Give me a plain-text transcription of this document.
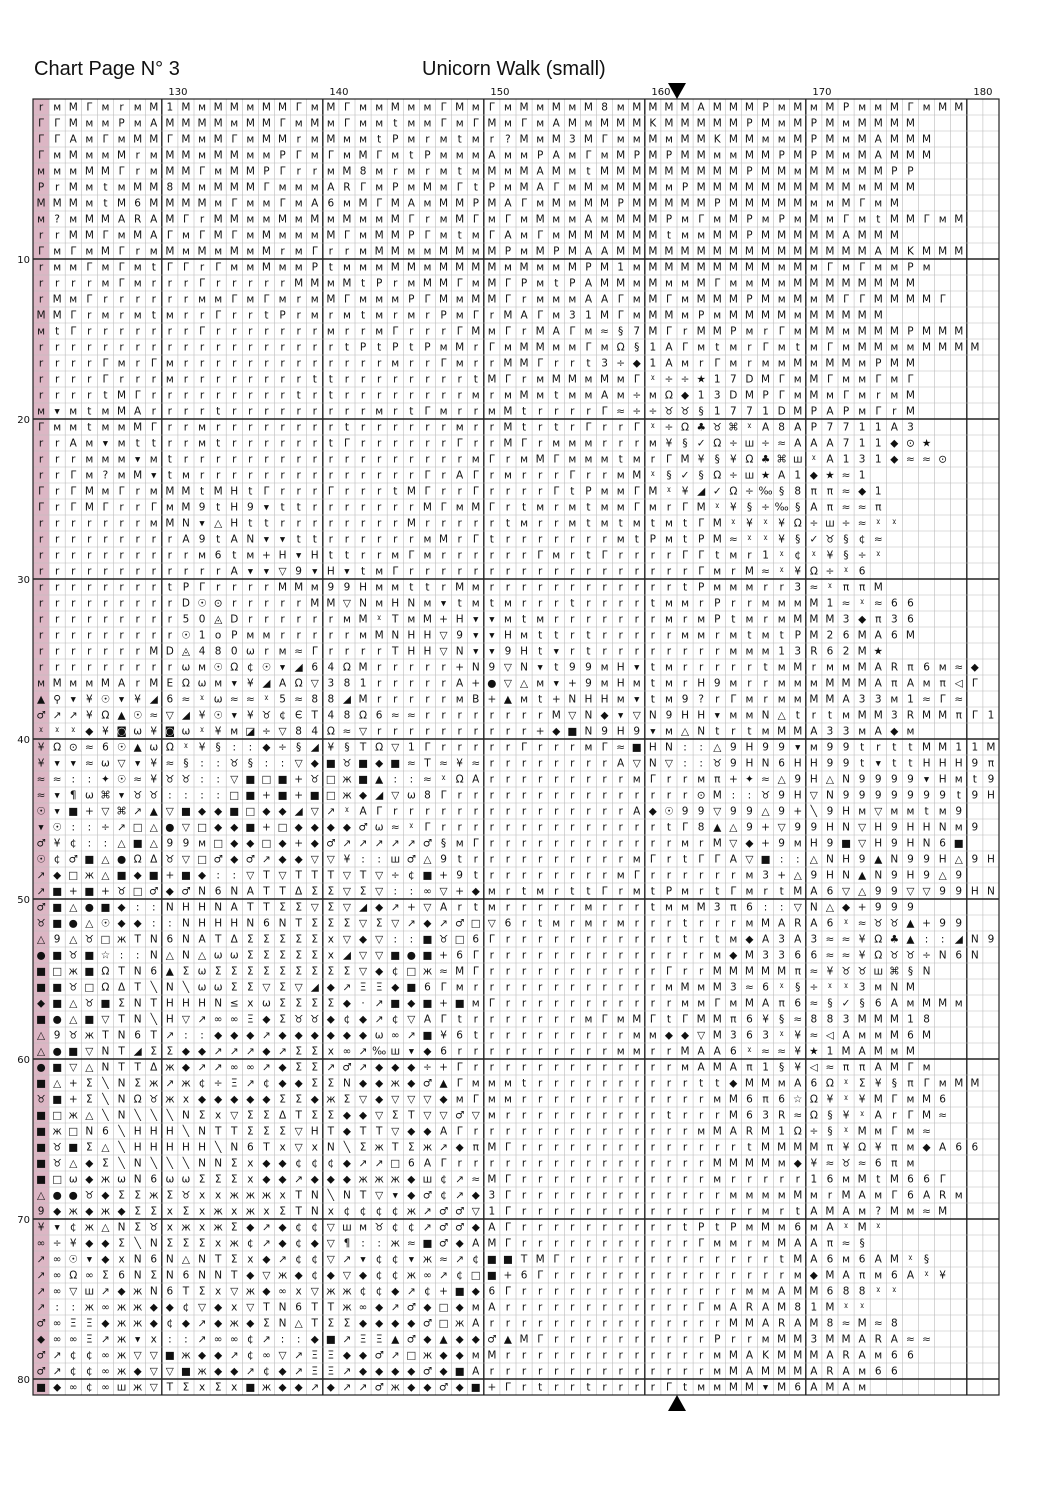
Chart Page N° 3	Unicorn Walk (small)
r ᴍ M Γ ᴍ r ᴍ M 1 M ᴍ M M ᴍ M M Γ ᴍ M Γ ᴍ ᴍ M ᴍ ᴍ Γ M ᴍ Γ ᴍ M ᴍ M ᴍ M 8 ᴍ M M M M A M M M P ᴍ M ᴍ M P ᴍ ᴍ M Γ ᴍ M M
Γ Γ M ᴍ ᴍ P ᴍ A M M M M ᴍ M M Γ ᴍ M ᴍ Γ ᴍ ᴍ t ᴍ ᴍ Γ ᴍ Γ M ᴍ Γ ᴍ A M ᴍ M M M K M M M M M P M ᴍ M P M ᴍ M M M M
Γ Γ A ᴍ Γ ᴍ M M Γ M ᴍ M Γ ᴍ M M r ᴍ M ᴍ ᴍ t P ᴍ r ᴍ t ᴍ r ? M ᴍ M 3 M Γ ᴍ ᴍ M ᴍ M M K M M ᴍ ᴍ M P M ᴍ M A M M M
Γ ᴍ M ᴍ ᴍ M r ᴍ M M ᴍ M M ᴍ ᴍ P Γ ᴍ Γ ᴍ M Γ ᴍ t P ᴍ ᴍ ᴍ A ᴍ ᴍ P A ᴍ Γ ᴍ M P M P M M ᴍ ᴍ M M P M P M ᴍ M A M M M
ᴍ ᴍ ᴍ M M Γ r ᴍ M M Γ ᴍ M M P Γ r r ᴍ M 8 ᴍ r ᴍ r ᴍ t ᴍ M ᴍ M A M ᴍ t M M M M M M M M M P M M ᴍ M M ᴍ M M P P
P r M ᴍ t ᴍ M M 8 M ᴍ M M M Γ ᴍ ᴍ ᴍ A R Γ ᴍ P ᴍ M ᴍ Γ t P ᴍ M A Γ ᴍ M ᴍ M M M ᴍ P M M M M M M M M M M ᴍ M M M
M M M ᴍ t M 6 M M M M ᴍ Γ ᴍ ᴍ Γ ᴍ A 6 ᴍ M Γ M A ᴍ M M P M A Γ ᴍ M ᴍ M M P M M M M M P M M M M M ᴍ ᴍ M Γ ᴍ M
ᴍ ? ᴍ M M A R A M Γ r M M ᴍ ᴍ M ᴍ M ᴍ M ᴍ ᴍ M Γ r ᴍ M Γ ᴍ Γ ᴍ M ᴍ ᴍ A ᴍ M M M P ᴍ Γ ᴍ M P ᴍ P ᴍ M ᴍ Γ ᴍ t M M Γ ᴍ M
r r M M Γ ᴍ M A Γ ᴍ Γ M Γ ᴍ M ᴍ ᴍ ᴍ M Γ ᴍ M M P Γ ᴍ t ᴍ Γ A ᴍ Γ ᴍ M M M M M M t ᴍ ᴍ M M P M M M M M A M M M
Γ ᴍ Γ ᴍ M Γ r ᴍ M ᴍ M ᴍ M ᴍ M r ᴍ Γ r r ᴍ M M ᴍ ᴍ M M ᴍ M P ᴍ M P M A A M M M M M M M M M M M M M M M M A M K M M M
r ᴍ ᴍ Γ ᴍ Γ ᴍ t Γ Γ r Γ ᴍ ᴍ M ᴍ ᴍ P t ᴍ ᴍ ᴍ M M ᴍ M M M M ᴍ M ᴍ ᴍ M P M 1 ᴍ M M M M M M M M ᴍ M ᴍ Γ ᴍ Γ ᴍ ᴍ P ᴍ
r r r r ᴍ Γ ᴍ r r r Γ r r r r r M M ᴍ M t P r ᴍ M M Γ ᴍ M Γ P ᴍ t P A M M ᴍ M ᴍ ᴍ M Γ ᴍ ᴍ M ᴍ M M M M M M M M
r M ᴍ Γ r r r r r r ᴍ ᴍ Γ ᴍ Γ ᴍ r ᴍ M Γ ᴍ ᴍ ᴍ P Γ M ᴍ M M Γ r ᴍ ᴍ ᴍ A A Γ ᴍ M Γ ᴍ M M M P M ᴍ M ᴍ M Γ Γ M M M M Γ
M M Γ r ᴍ r ᴍ t ᴍ r r Γ r r t P r ᴍ r ᴍ t ᴍ r ᴍ r P ᴍ Γ r M A Γ ᴍ 3 1 M Γ ᴍ M M ᴍ P ᴍ M M M M ᴍ M M M M M
ᴍ t Γ r r r r r r r Γ r r r r r r r ᴍ r r ᴍ Γ r r r Γ M ᴍ Γ r M A Γ ᴍ ≈ § 7 M Γ r M M P ᴍ r Γ ᴍ M M ᴍ M M M P M M M
r r r r r r r r r r r r r r r r r r r t P t P t P ᴍ M r Γ ᴍ M M ᴍ ᴍ Γ ᴍ Ω § 1 A Γ ᴍ t ᴍ r Γ ᴍ t ᴍ Γ ᴍ M M ᴍ ᴍ M M M M
r r r r Γ ᴍ r Γ ᴍ r r r r r r r r r r r r r ᴍ r r Γ ᴍ r r M M Γ r r t 3 ÷ ◆ 1 A ᴍ r Γ ᴍ r ᴍ ᴍ M ᴍ M M ᴍ P M M
r r r r Γ r r r ᴍ r r r r r r r r t t r r r r r r r r t M Γ r ᴍ M M ᴍ M ᴍ Γ ᵡ ÷ ÷ ★ 1 7 D M Γ ᴍ M Γ ᴍ ᴍ Γ ᴍ Γ
r r r r t M Γ r r r r r r r r r t r t r r r r r r r r ᴍ r ᴍ M ᴍ t ᴍ ᴍ A ᴍ ÷ ᴍ Ω ◆ 1 3 D M P Γ ᴍ M ᴍ Γ ᴍ r ᴍ M
ᴍ ▾ ᴍ t ᴍ M A r r r r t r r r r r r r r r ᴍ r t Γ ᴍ r r ᴍ M t r r r r Γ ≈ ÷ ÷ ♉ ♉ § 1 7 7 1 D M P A P ᴍ Γ r M
Γ ᴍ ᴍ t ᴍ ᴍ M Γ r r ᴍ r r r r r r r r t r r r r r r ᴍ r r M t r t r Γ r r Γ ᵡ ÷ Ω ♣ ♉ ⌘ ᵡ A 8 A P 7 7 1 1 A 3
r r A ᴍ ▾ ᴍ t t r r ᴍ t r r r r r r t Γ r r r r r r Γ r r M Γ r ᴍ ᴍ ᴍ r r r ᴍ ¥ § ✓ Ω ÷ ш ÷ ≈ A A A 7 1 1 ◆ ⊙ ★
r r r ᴍ ᴍ ᴍ ▾ ᴍ t r r r r r r r r r r r r r r r r r r ᴍ Γ r ᴍ M Γ ᴍ ᴍ ᴍ t ᴍ r Γ M ¥ § ¥ Ω ♣ ⌘ ш ᵡ A 1 3 1 ◆ ≈ ≈ ⊙
r r Γ ᴍ ? ᴍ M ▾ t ᴍ r r r r r r r r r r r r r r Γ r A Γ r ᴍ r r r Γ r r ᴍ M ᵡ § ✓ § Ω ÷ ш ★ A 1 ◆ ★ ≈ 1
Γ r Γ M ᴍ Γ r ᴍ M M t M H t Γ r r r Γ r r r t M Γ r r Γ r r r r Γ t P ᴍ ᴍ Γ M ᵡ ¥ ◢ ✓ Ω ÷ ‰ § 8 π π ≈ ◆ 1
Γ r Γ M Γ r r Γ ᴍ M 9 t H 9 ▾ t t r r r r r r r M Γ ᴍ M Γ r t ᴍ r ᴍ t ᴍ ᴍ Γ ᴍ r Γ M ᵡ ¥ § ÷ ‰ § A π ≈ ≈ π
r r r r r r r ᴍ M N ▾ △ H t t r r r r r r r r M r r r r r t ᴍ r r ᴍ t ᴍ t ᴍ t ᴍ t Γ M ᵡ ¥ ᵡ ¥ Ω ÷ ш ÷ ≈ ᵡ ᵡ
r r r r r r r r r A 9 t A N ▾ ▾ t t r r r r r r ᴍ M r Γ t r r r r r r r ᴍ t P ᴍ t P M ≈ ᵡ ᵡ ¥ § ✓ ♉ § ¢ ≈
r r r r r r r r r r ᴍ 6 t ᴍ + H ▾ H t t r r ᴍ Γ ᴍ r r r r r r Γ ᴍ r t Γ r r r r Γ Γ t ᴍ r 1 ᵡ ¢ ᵡ ¥ § ÷ ᵡ
r r r r r r r r r r r r A ▾ ▾ ▽ 9 ▾ H ▾ t ᴍ Γ r r r r r r r r r r r r r r r r r r Γ ᴍ r M ≈ ᵡ ¥ Ω ÷ ᵡ 6
r r r r r r r r t P Γ r r r r M M ᴍ 9 9 H ᴍ ᴍ t t r M ᴍ r r r r r r r r r r r r t P ᴍ ᴍ ᴍ r r 3 ≈ ᵡ π π M
r r r r r r r r r D ☉ ⊙ r r r r r M M ▽ N ᴍ H N ᴍ ▾ t ᴍ t ᴍ r r r t r r r r t ᴍ ᴍ r P r r ᴍ ᴍ ᴍ M 1 ≈ ᵡ ≈ 6 6
r r r r r r r r r 5 0 ◬ D r r r r r r ᴍ M ᵡ T ᴍ M + H ▾ ▾ ᴍ t ᴍ r r r r r r r ᴍ r ᴍ P t ᴍ r ᴍ M M M 3 ◆ π 3 6
r r r r r r r r r ☉ 1 o P ᴍ ᴍ r r r r r ᴍ M N H H ▽ 9 ▾ ▾ H ᴍ t t r t r r r r r ᴍ ᴍ r ᴍ t ᴍ t P M 2 6 M A 6 M
r r r r r r r M D ◬ 4 8 0 ω r ᴍ ≈ Γ r r r r T H H ▽ N ▾ ▾ 9 H t ▾ r t r r r r r r r r ᴍ ᴍ ᴍ 1 3 R 6 2 M ★
r r r r r r r r r ω ᴍ ☉ Ω ¢ ☉ ▾ ◢ 6 4 Ω M r r r r r + N 9 ▽ N ▾ t 9 9 ᴍ H ▾ t ᴍ r r r r r t ᴍ M r ᴍ ᴍ M A R π 6 ᴍ ≈ ◆
ᴍ M ᴍ ᴍ M A r M E Ω ω ᴍ ▾ ¥ ◢ A Ω ▽ 3 8 1 r r r r r A + ● ▽ △ ᴍ ▾ + 9 ᴍ H ᴍ t ᴍ r H 9 ᴍ r r ᴍ ᴍ ᴍ M M M A π A ᴍ π ◁ Γ
▲ ⚲ ▾ ¥ ☉ ▾ ¥ ◢ 6 ≈ ᵡ ω ≈ ≈ ᵡ 5 ≈ 8 8 ◢ M r r r r r ᴍ B + ▲ ᴍ t + N H H ᴍ ▾ t ᴍ 9 ? r Γ ᴍ r ᴍ ᴍ M M A 3 3 ᴍ 1 ≈ Γ ≈
♂ ↗ ↗ ¥ Ω ▲ ☉ ≈ ▽ ◢ ¥ ☉ ▾ ¥ ♉ ¢ Є T 4 8 Ω 6 ≈ ≈ r r r r r r r r M ▽ N ◆ ▾ ▽ N 9 H H ▾ ᴍ ᴍ N △ t r t ᴍ M M 3 R M M π Γ 1
ᵡ ᵡ ᵡ ◆ ¥ ◙ ω ¥ ◙ ω ᵡ ¥ ᴍ ◪ ÷ ▽ 8 4 Ω ≈ ▽ r r r r r r r r r r + ◆ ■ N 9 H 9 ▾ ᴍ △ N t r t ᴍ M M A 3 3 ᴍ A ◆ ᴍ
¥ Ω ⊙ ≈ 6 ☉ ▲ ω Ω ᵡ ¥ § : : ◆ ÷ § ◢ ¥ § T Ω ▽ 1 Γ r r r r r Γ r r r ᴍ Γ ≈ ■ H N : : △ 9 H 9 9 ▾ ᴍ 9 9 t r t t M M 1 1 M
¥ ▾ ▾ ≈ ω ▽ ▾ ¥ ≈ § : : ♉ § : : ▽ ◆ ■ ♉ ■ ◆ ■ ≈ T ≈ ¥ ≈ r r r r r r r r A ▽ N ▽ : : ♉ 9 H N 6 H H 9 9 t ▾ t t H H H 9 π
≈ ≈ : : ✦ ☉ ≈ ¥ ♉ ♉ : : ▽ ■ □ ■ + ♉ □ ж ■ ▲ : : ≈ ᵡ Ω A r r r r r r r r r ᴍ Γ r r ᴍ π + ✦ ≈ △ 9 H △ N 9 9 9 9 ▾ H ᴍ t 9
≈ ▾ ¶ ω ⌘ ▾ ♉ ♉ : : : : □ ■ + ■ + ■ □ ж ◆ ◢ ▽ ω 8 Γ r r r r r r r r r r r r r r r ⊙ M : : ♉ 9 H ▽ N 9 9 9 9 9 9 9 t 9 H
☉ ▾ ■ + ▽ ⌘ ↗ ▲ ▽ ■ ◆ ◆ ■ □ ◆ ◆ ◢ ▽ ↗ ᵡ A Γ r r r r r r r r r r r r r r r A ◆ ☉ 9 9 ▽ 9 9 △ 9 + ╲ 9 H ᴍ ▽ ᴍ ᴍ t ᴍ 9
▾ ☉ : : ÷ ↗ □ △ ● ▽ □ ◆ ◆ ■ + □ ◆ ◆ ◆ ◆ ♂ ω ≈ ᵡ Γ r r r r r r r r r r r r r r t Γ 8 ▲ △ 9 + ▽ 9 9 H N ▽ H 9 H H N ᴍ 9
♂ ¥ ¢ : : △ ■ △ 9 9 ᴍ □ ◆ ◆ □ ◆ + ◆ ♂ ↗ ↗ ↗ ↗ ↗ ♂ § ᴍ Γ r r r r r r r r r r r r ᴍ r M ▽ ◆ + 9 ᴍ H 9 ■ ▽ H 9 H N 6 ■
☉ ¢ ♂ ■ △ ● Ω Δ ♉ ▽ □ ♂ ◆ ♂ ↗ ◆ ◆ ▽ ▽ ¥ : : ш ♂ △ 9 t r r r r r r r r r r ᴍ Γ r t Γ Γ A ▽ ■ : : △ N H 9 ▲ N 9 9 H △ 9 H
↗ ◆ □ ж △ ■ ◆ ■ + ■ ◆ : : ▽ T ▽ T T T ▽ T ▽ ÷ ¢ ■ + 9 t r r r r r r r r ᴍ Γ r r r r r r ᴍ 3 + △ 9 H N ▲ N 9 H 9 △ 9
↗ ■ + ■ + ♉ □ ♂ ◆ ♂ N 6 N A T T Δ Σ Σ ▽ Σ ▽ : : ∞ ▽ + ◆ ᴍ r t ᴍ r t t Γ r ᴍ t P ᴍ r t Γ ᴍ r t M A 6 ▽ △ 9 9 ▽ ▽ 9 9 H N
♂ ■ △ ● ■ ◆ : : N H H N A T T Σ Σ ▽ Σ ▽ ◢ ◆ ↗ + ▽ A r t ᴍ r r r r r ᴍ r r r t ᴍ ᴍ M 3 π 6 : : ▽ N △ ◆ + 9 9 9
♉ ■ ● △ ☉ ◆ ◆ : : N H H H N 6 N T Σ Σ Σ ▽ Σ ▽ ↗ ◆ ↗ ♂ □ ▽ 6 r t ᴍ r ᴍ r ᴍ r r r t r r r ᴍ M A R A 6 ᵡ ≈ ♉ ♉ ▲ + 9 9
△ 9 △ ♉ □ ж T N 6 N A T Δ Σ Σ Σ Σ Σ x ▽ ◆ ▽ : : ■ ♉ □ 6 Γ r r r r r r r r r r r t r t ᴍ ◆ A 3 A 3 ≈ ≈ ¥ Ω ♣ ▲ : : ◢ N 9
● ■ ♉ ■ ☆ : : N △ N △ ω ω Σ Σ Σ Σ Σ x ◢ ▽ ▽ ■ ● ■ + 6 Γ r r r r r r r r r r r r r r ᴍ ◆ M 3 3 6 6 ≈ ≈ ¥ Ω ♉ ♉ ÷ N 6 N
■ □ ж ■ Ω T N 6 ▲ Σ ω Σ Σ Σ Σ Σ Σ Σ Σ Σ ▽ ◆ ¢ □ ж ≈ M Γ r r r r r r r r r r r Γ r r M M M M M π ≈ ¥ ♉ ♉ ш ⌘ § N
■ ■ ♉ □ Ω Δ T ╲ N ╲ ω ω Σ Σ ▽ Σ ▽ ◢ ◆ ↗ Ξ Ξ ◆ ■ 6 Γ ᴍ r r r r r r r r r r r r ᴍ M ᴍ M 3 ≈ 6 ᵡ § ÷ ᵡ ᵡ 3 ᴍ N M
◆ ■ △ ♉ ■ Σ N T H H H N ≤ x ω Σ Σ Σ Σ ◆ · ↗ ■ ◆ ■ + ■ ᴍ Γ r r r r r r r r r r r ᴍ ᴍ Γ ᴍ M A π 6 ≈ § ✓ § 6 A ᴍ M M ᴍ
■ ● △ ■ ▽ T N ╲ H ▽ ↗ ∞ ∞ Ξ ◆ Σ ♉ ♉ ◆ ¢ ◆ ↗ ¢ ▽ A Γ t r r r r r r r ᴍ Γ ᴍ M Γ t Γ M M π 6 ¥ § ≈ 8 8 3 M M M 1 8
△ 9 ♉ ж T N 6 T ↗ : : ◆ ◆ ◆ ↗ ◆ ◆ ◆ ◆ ◆ ◆ ω ∞ ↗ ■ ¥ 6 t r r r r r r r r r ᴍ ᴍ ◆ ◆ ▽ M 3 6 3 ᵡ ¥ ≈ ◁ A ᴍ ᴍ M 6 M
△ ● ■ ▽ N T ◢ Σ Σ ◆ ◆ ↗ ↗ ↗ ◆ ↗ Σ Σ x ∞ ↗ ‰ ш ▾ ◆ 6 r r r r r r r r r r ᴍ ᴍ r r M A A 6 ᵡ ≈ ≈ ¥ ★ 1 M A M ᴍ M
● ■ ▽ △ N T T Δ ж ◆ ↗ ↗ ∞ ∞ ↗ ◆ Σ Σ ↗ ♂ ↗ ◆ ◆ ◆ ÷ + Γ r r r r r r r r r r r r r ᴍ A M A π 1 § ¥ ◁ ≈ π π A M Γ ᴍ
■ △ + Σ ╲ N Σ ж ↗ ж ¢ ÷ Ξ ↗ ¢ ◆ ◆ Σ Σ N ◆ ◆ ж ◆ ♂ ▲ Γ ᴍ ᴍ ᴍ t r r r r r r r r r r t t ◆ M M ᴍ A 6 Ω ᵡ Σ ¥ § π Γ ᴍ M M
♉ ■ + Σ ╲ N Ω ♉ ж x ◆ ◆ ◆ ◆ ◆ Σ Σ ◆ ж Σ ▽ ◆ ▽ ▽ ▽ ◆ ᴍ Γ ᴍ ᴍ r r r r r r r r r r r r ᴍ M 6 π 6 ☆ Ω ¥ ᵡ ¥ M Γ ᴍ M 6
■ □ ж △ ╲ N ╲ ╲ ╲ N Σ x ▽ Σ Σ Δ T Σ Σ ◆ ◆ ▽ Σ T ▽ ▽ ♂ ▽ ᴍ r r r r r r r r r r t r r r M 6 3 R ≈ Ω § ¥ ᵡ A r Γ M ≈
■ ж □ N 6 ╲ H H H ╲ N T T Σ Σ Σ ▽ H T ◆ T T ▽ ◆ ◆ A Γ r r r r r r r r r r r r r r ᴍ M A R M 1 Ω ÷ § ᵡ M ᴍ Γ ᴍ ≈
■ ♉ ■ Σ △ ╲ H H H H H ╲ N 6 T x ▽ x N ╲ Σ ж T Σ ж ↗ ◆ π M Γ r r r r r r r r r r r r r r t M M M M π ¥ Ω ¥ π ᴍ ◆ A 6 6
■ ♉ △ ◆ Σ ╲ N ╲ ╲ ╲ N N Σ x ◆ ◆ ¢ ¢ ¢ ◆ ↗ ↗ □ 6 A Γ r r r r r r r r r r r r r r r r M M M M ᴍ ◆ ¥ ≈ ♉ ≈ 6 π ᴍ
■ □ ω ◆ ж ω N 6 ω ω Σ Σ Σ x ◆ ◆ ↗ ◆ ◆ ◆ ж ж ж ◆ ш ¢ ↗ ≈ M Γ r r r r r r r r r r r r ᴍ r r r r r 1 6 ᴍ M t M 6 6 Γ
△ ● ● ♉ ◆ Σ Σ ж Σ ♉ x x ж ж ж x T N ╲ N T ▽ ▾ ◆ ♂ ¢ ↗ ◆ 3 Γ r r r r r r r r r r r r r ᴍ ᴍ ᴍ ᴍ M ᴍ r M A ᴍ Γ 6 A R ᴍ
9 ◆ ж ◆ ж ◆ Σ Σ x Σ x ж x ж x Σ T N x ¢ ¢ ¢ ¢ ж ↗ ♂ ♂ ▽ 1 Γ r r r r r r r r r r r r r r r ᴍ r t A M A ᴍ ? M ᴍ ≈ M
¥ ▾ ¢ ж △ N Σ ♉ x ж x ж Σ ◆ ↗ ◆ ¢ ¢ ▽ ш ᴍ ♉ ¢ ¢ ↗ ♂ ♂ ◆ A Γ r r r r r r r r r r t P t P ᴍ M ᴍ 6 ᴍ A ᵡ M ᵡ
∞ ÷ ¥ ◆ ◆ Σ ╲ N Σ Σ Σ x ж ¢ ↗ ◆ ¢ ◆ ▽ ¶ : : ж ≈ ■ ♂ ◆ A M Γ r r r r r r r r r r r Γ ᴍ ᴍ r ᴍ M A A π ≈ §
↗ ∞ ☉ ▾ ◆ x N 6 N △ N T Σ x ◆ ↗ ¢ ¢ ▽ ↗ ▾ ¢ ¢ ▾ ж ≈ ↗ ¢ ■ ■ T M Γ r r r r r r r r r r r r r t M A 6 ᴍ 6 A M ᵡ §
↗ ∞ Ω ∞ Σ 6 N Σ N 6 N N T ◆ ▽ ж ◆ ¢ ◆ ▽ ◆ ¢ ¢ ж ∞ ↗ ¢ □ ■ + 6 Γ r r r r r r r r r r r r r r r ᴍ ◆ M A π ᴍ 6 A ᵡ ¥
↗ ∞ ▽ ш ↗ ◆ ж N 6 T Σ x ▽ ж ◆ ∞ x ▽ ж ж ¢ ¢ ◆ ↗ ¢ + ■ ◆ 6 Γ r r r r r r r r r r r r r r ᴍ ᴍ A M M 6 8 8 ᵡ ᵡ
↗ : : ж ∞ ж ж ◆ ◆ ¢ ▽ ◆ x ▽ T N 6 T T ж ∞ ◆ ↗ ♂ ◆ □ ◆ ᴍ A r r r r r r r r r r r r Γ ᴍ A R A M 8 1 M ᵡ ᵡ
♂ ∞ Ξ Ξ ◆ ж ж ◆ ¢ ◆ ↗ ◆ ж ◆ Σ N △ T Σ Σ ◆ ◆ ◆ ◆ ♂ □ ж A r r r r r r r r r r r r r r r M M A R A M 8 ≈ M ≈ 8
◆ ∞ ∞ Ξ ↗ ж ▾ x : : ↗ ∞ ∞ ¢ ↗ : : ◆ ■ ↗ Ξ Ξ ▲ ♂ ◆ ▲ ◆ ◆ ♂ ▲ M Γ r r r r r r r r r r P r r ᴍ M M 3 M M A R A ≈ ≈
♂ ↗ ¢ ¢ ∞ ж ▽ ▽ ■ ж ◆ ◆ ↗ ¢ ∞ ▽ ↗ Ξ Ξ ◆ ◆ ♂ ↗ □ ж ◆ ◆ ᴍ M r r r r r r r r r r r r r ᴍ M A K M M M A R A ᴍ 6 6
♂ ↗ ¢ ¢ ∞ ж ◆ ▽ ▽ ■ ж ◆ ◆ ↗ ¢ ◆ ↗ Ξ Ξ ↗ ◆ ◆ ◆ ◆ ♂ ◆ ■ A r r r r r r r r r r r r r r ᴍ M A M M M A R A ᴍ 6 6
■ ◆ ∞ ¢ ∞ ш ж ▽ T Σ x Σ x ■ ж ◆ ◆ ↗ ◆ ↗ ↗ ♂ ж ◆ ◆ ♂ ◆ ■ + Γ r t r r t r r r r Γ t ᴍ ᴍ M M ▾ M 6 A M A ᴍ
130	140	150	160	170	180
10
20
30
40
50
60
70
80
